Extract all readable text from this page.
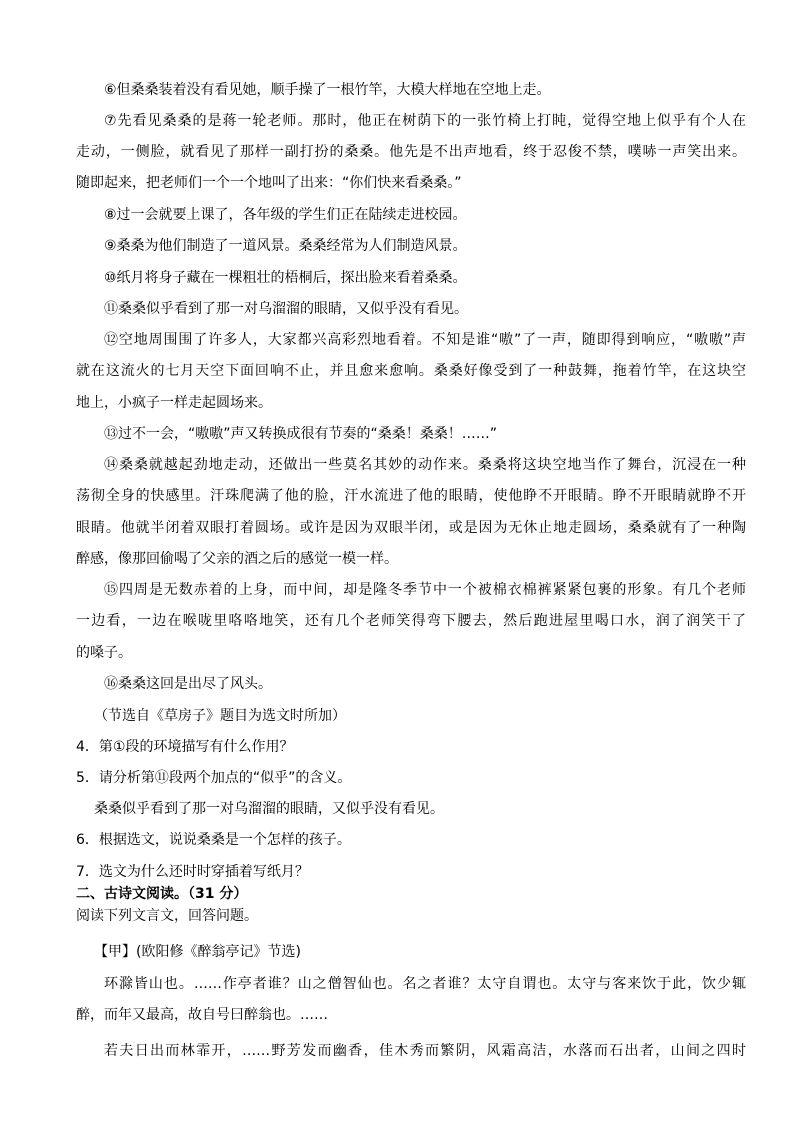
⑥但桑桑装着没有看见她，顺手操了一根竹竿，大模大样地在空地上走。
⑦先看见桑桑的是蒋一轮老师。那时，他正在树荫下的一张竹椅上打盹，觉得空地上似乎有个人在
走动，一侧脸，就看见了那样一副打扮的桑桑。他先是不出声地看，终于忍俊不禁，噗哧一声笑出来。
随即起来，把老师们一个一个地叫了出来：“你们快来看桑桑。”
⑧过一会就要上课了，各年级的学生们正在陆续走进校园。
⑨桑桑为他们制造了一道风景。桑桑经常为人们制造风景。
⑩纸月将身子藏在一棵粗壮的梧桐后，探出脸来看着桑桑。
⑪桑桑似乎看到了那一对乌溜溜的眼睛，又似乎没有看见。
⑫空地周围围了许多人，大家都兴高彩烈地看着。不知是谁“嗷”了一声，随即得到响应，“嗷嗷”声
就在这流火的七月天空下面回响不止，并且愈来愈响。桑桑好像受到了一种鼓舞，拖着竹竿，在这块空
地上，小疯子一样走起圆场来。
⑬过不一会，“嗷嗷”声又转换成很有节奏的“桑桑！桑桑！……”
⑭桑桑就越起劲地走动，还做出一些莫名其妙的动作来。桑桑将这块空地当作了舞台，沉浸在一种
荡彻全身的快感里。汗珠爬满了他的脸，汗水流进了他的眼睛，使他睁不开眼睛。睁不开眼睛就睁不开
眼睛。他就半闭着双眼打着圆场。或许是因为双眼半闭，或是因为无休止地走圆场，桑桑就有了一种陶
醉感，像那回偷喝了父亲的酒之后的感觉一模一样。
⑮四周是无数赤着的上身，而中间，却是隆冬季节中一个被棉衣棉裤紧紧包裹的形象。有几个老师
一边看，一边在喉咙里咯咯地笑，还有几个老师笑得弯下腰去，然后跑进屋里喝口水，润了润笑干了
的嗓子。
⑯桑桑这回是出尽了风头。
（节选自《草房子》题目为选文时所加）
4．第①段的环境描写有什么作用？
5．请分析第⑪段两个加点的“似乎”的含义。
桑桑似乎看到了那一对乌溜溜的眼睛，又似乎没有看见。
6．根据选文，说说桑桑是一个怎样的孩子。
7．选文为什么还时时穿插着写纸月？
二、古诗文阅读。（31 分）
阅读下列文言文，回答问题。
【甲】(欧阳修《醉翁亭记》节选)
环滁皆山也。……作亭者谁？山之僧智仙也。名之者谁？太守自谓也。太守与客来饮于此，饮少辄
醉，而年又最高，故自号曰醉翁也。……
若夫日出而林霏开，……野芳发而幽香，佳木秀而繁阴，风霜高洁，水落而石出者，山间之四时
